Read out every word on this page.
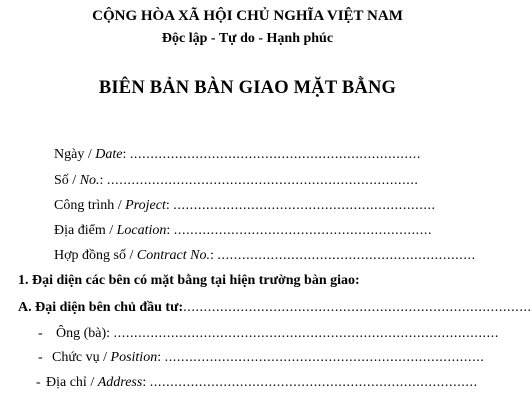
CỘNG HÒA XÃ HỘI CHỦ NGHĨA VIỆT NAM
Độc lập - Tự do - Hạnh phúc
BIÊN BẢN BÀN GIAO MẶT BẰNG
Ngày / Date: .......................................................................
Số / No.: ............................................................................
Công trình / Project: ................................................................
Địa điểm / Location: ...............................................................
Hợp đồng số / Contract No.: ...............................................................
1. Đại diện các bên có mặt bằng tại hiện trường bàn giao:
A. Đại diện bên chủ đầu tư:.....................................................................................
- Ông (bà): ..............................................................................................
- Chức vụ / Position: ..............................................................................
- Địa chỉ / Address: ................................................................................
